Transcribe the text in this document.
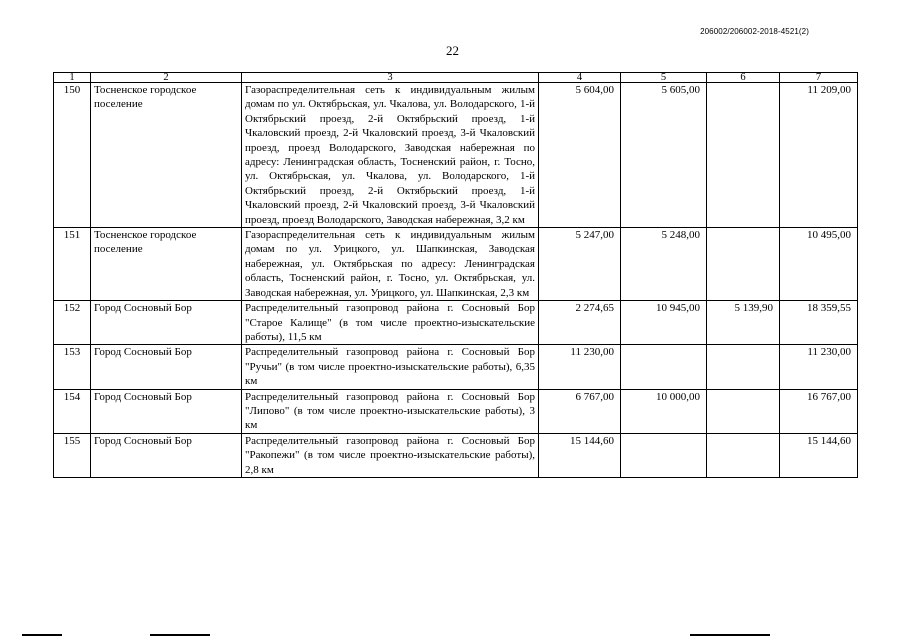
206002/206002-2018-4521(2)
22
1	2	3	4	5	6	7
150	Тосненское городское поселение	Газораспределительная сеть к индивидуальным жилым домам по ул. Октябрьская, ул. Чкалова, ул. Володарского, 1-й Октябрьский проезд, 2-й Октябрьский проезд, 1-й Чкаловский проезд, 2-й Чкаловский проезд, 3-й Чкаловский проезд, проезд Володарского, Заводская набережная по адресу: Ленинградская область, Тосненский район, г. Тосно, ул. Октябрьская, ул. Чкалова, ул. Володарского, 1-й Октябрьский проезд, 2-й Октябрьский проезд, 1-й Чкаловский проезд, 2-й Чкаловский проезд, 3-й Чкаловский проезд, проезд Володарского, Заводская набережная, 3,2 км	5 604,00	5 605,00		11 209,00
151	Тосненское городское поселение	Газораспределительная сеть к индивидуальным жилым домам по ул. Урицкого, ул. Шапкинская, Заводская набережная, ул. Октябрьская по адресу: Ленинградская область, Тосненский район, г. Тосно, ул. Октябрьская, ул. Заводская набережная, ул. Урицкого, ул. Шапкинская, 2,3 км	5 247,00	5 248,00		10 495,00
152	Город Сосновый Бор	Распределительный газопровод района г. Сосновый Бор "Старое Калище" (в том числе проектно-изыскательские работы), 11,5 км	2 274,65	10 945,00	5 139,90	18 359,55
153	Город Сосновый Бор	Распределительный газопровод района г. Сосновый Бор "Ручьи" (в том числе проектно-изыскательские работы), 6,35 км	11 230,00			11 230,00
154	Город Сосновый Бор	Распределительный газопровод района г. Сосновый Бор "Липово" (в том числе проектно-изыскательские работы), 3 км	6 767,00	10 000,00		16 767,00
155	Город Сосновый Бор	Распределительный газопровод района г. Сосновый Бор "Ракопежи" (в том числе проектно-изыскательские работы), 2,8 км	15 144,60			15 144,60
